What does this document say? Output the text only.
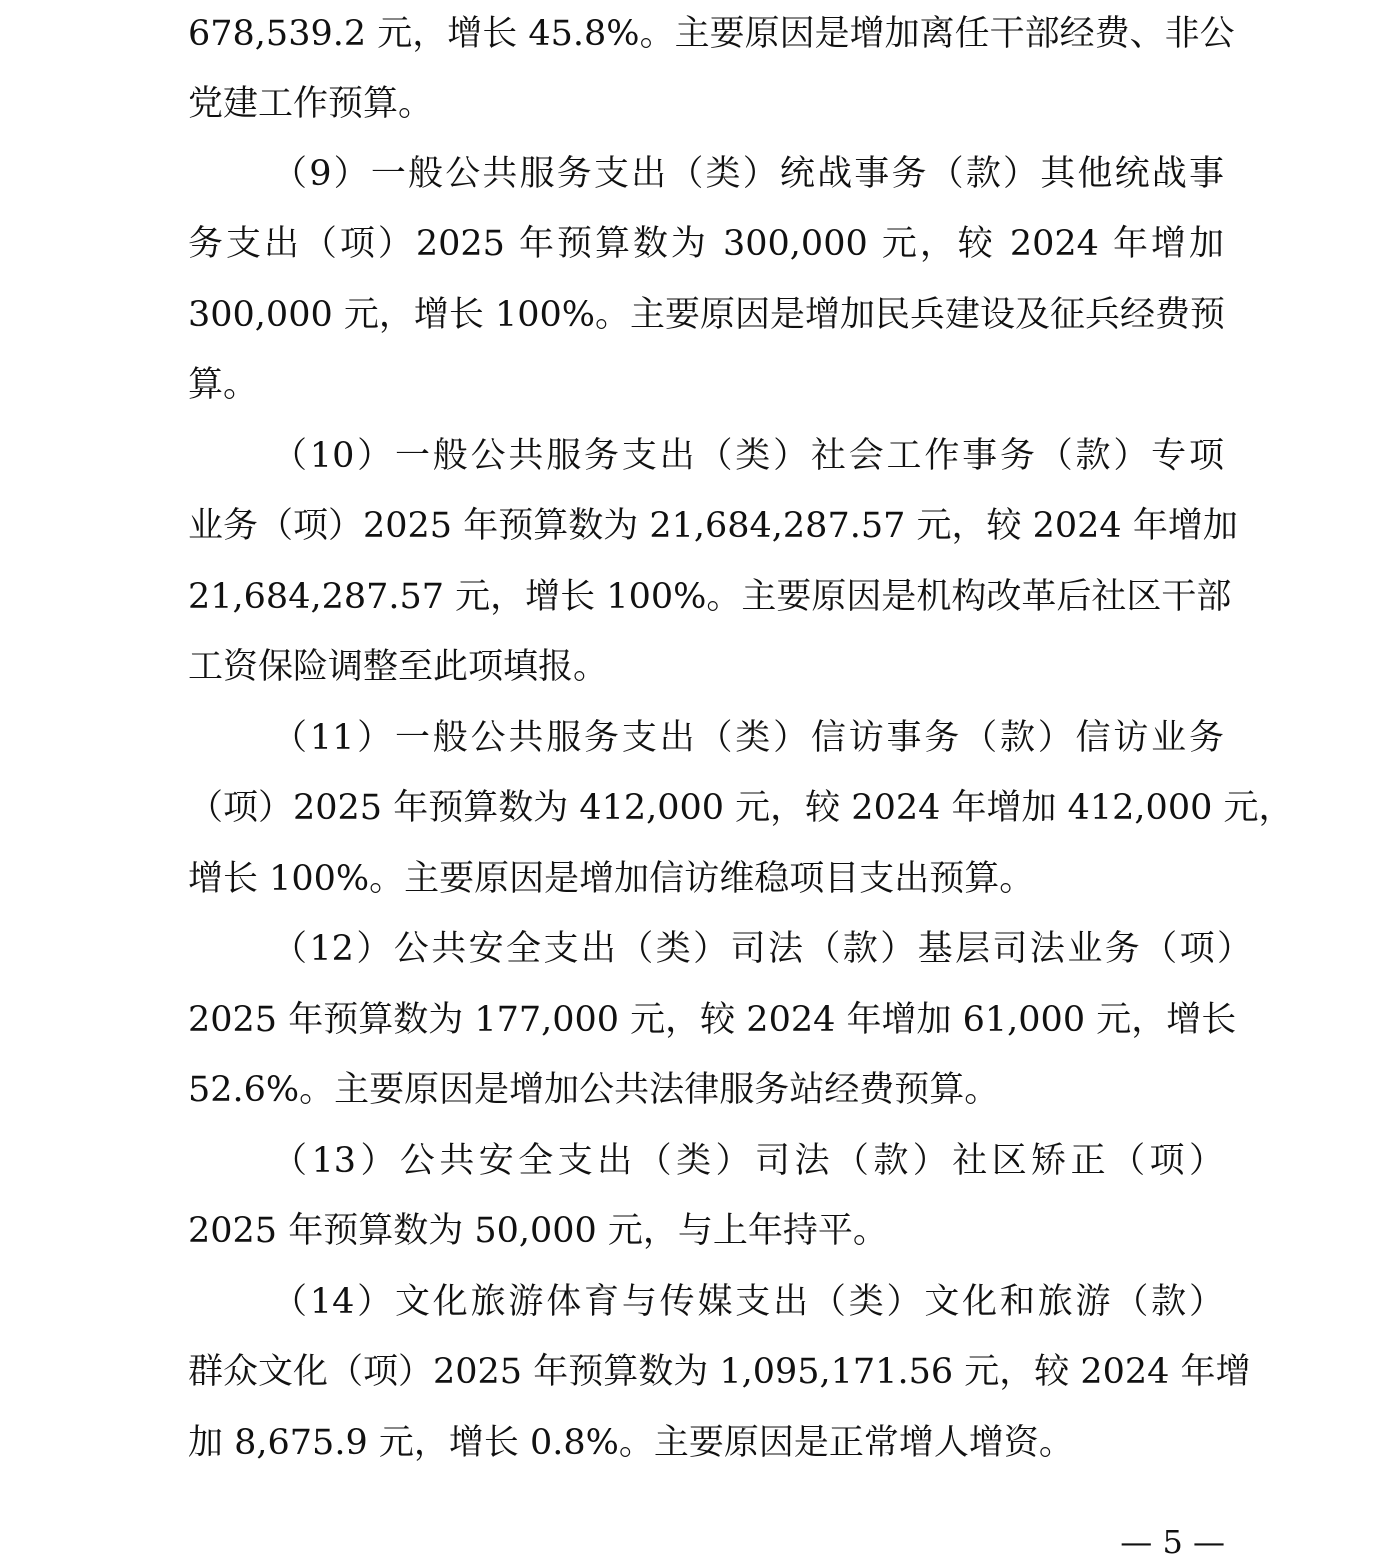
678,539.2 元，增长 45.8%。主要原因是增加离任干部经费、非公
党建工作预算。
（9）一般公共服务支出（类）统战事务（款）其他统战事
务支出（项）2025 年预算数为 300,000 元，较 2024 年增加
300,000 元，增长 100%。主要原因是增加民兵建设及征兵经费预
算。
（10）一般公共服务支出（类）社会工作事务（款）专项
业务（项）2025 年预算数为 21,684,287.57 元，较 2024 年增加
21,684,287.57 元，增长 100%。主要原因是机构改革后社区干部
工资保险调整至此项填报。
（11）一般公共服务支出（类）信访事务（款）信访业务
（项）2025 年预算数为 412,000 元，较 2024 年增加 412,000 元，
增长 100%。主要原因是增加信访维稳项目支出预算。
（12）公共安全支出（类）司法（款）基层司法业务（项）
2025 年预算数为 177,000 元，较 2024 年增加 61,000 元，增长
52.6%。主要原因是增加公共法律服务站经费预算。
（13）公共安全支出（类）司法（款）社区矫正（项）
2025 年预算数为 50,000 元，与上年持平。
（14）文化旅游体育与传媒支出（类）文化和旅游（款）
群众文化（项）2025 年预算数为 1,095,171.56 元，较 2024 年增
加 8,675.9 元，增长 0.8%。主要原因是正常增人增资。
— 5 —
